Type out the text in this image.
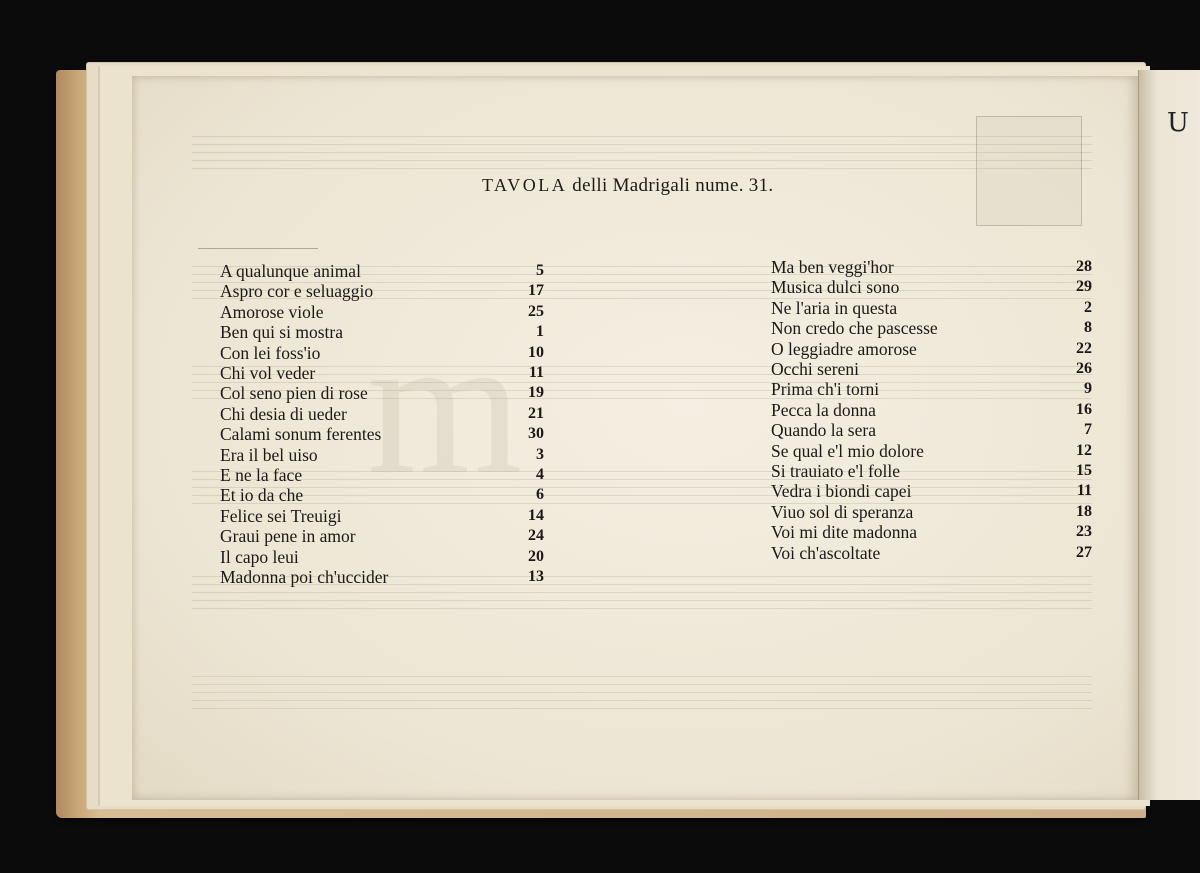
U
m
TAVOLA delli Madrigali nume. 31.
A qualunque animal	5
Aspro cor e seluaggio	17
Amorose viole	25
Ben qui si mostra	1
Con lei foss'io	10
Chi vol veder	11
Col seno pien di rose	19
Chi desia di ueder	21
Calami sonum ferentes	30
Era il bel uiso	3
E ne la face	4
Et io da che	6
Felice sei Treuigi	14
Graui pene in amor	24
Il capo leui	20
Madonna poi ch'uccider	13
Ma ben veggi'hor	28
Musica dulci sono	29
Ne l'aria in questa	2
Non credo che pascesse	8
O leggiadre amorose	22
Occhi sereni	26
Prima ch'i torni	9
Pecca la donna	16
Quando la sera	7
Se qual e'l mio dolore	12
Si trauiato e'l folle	15
Vedra i biondi capei	11
Viuo sol di speranza	18
Voi mi dite madonna	23
Voi ch'ascoltate	27
